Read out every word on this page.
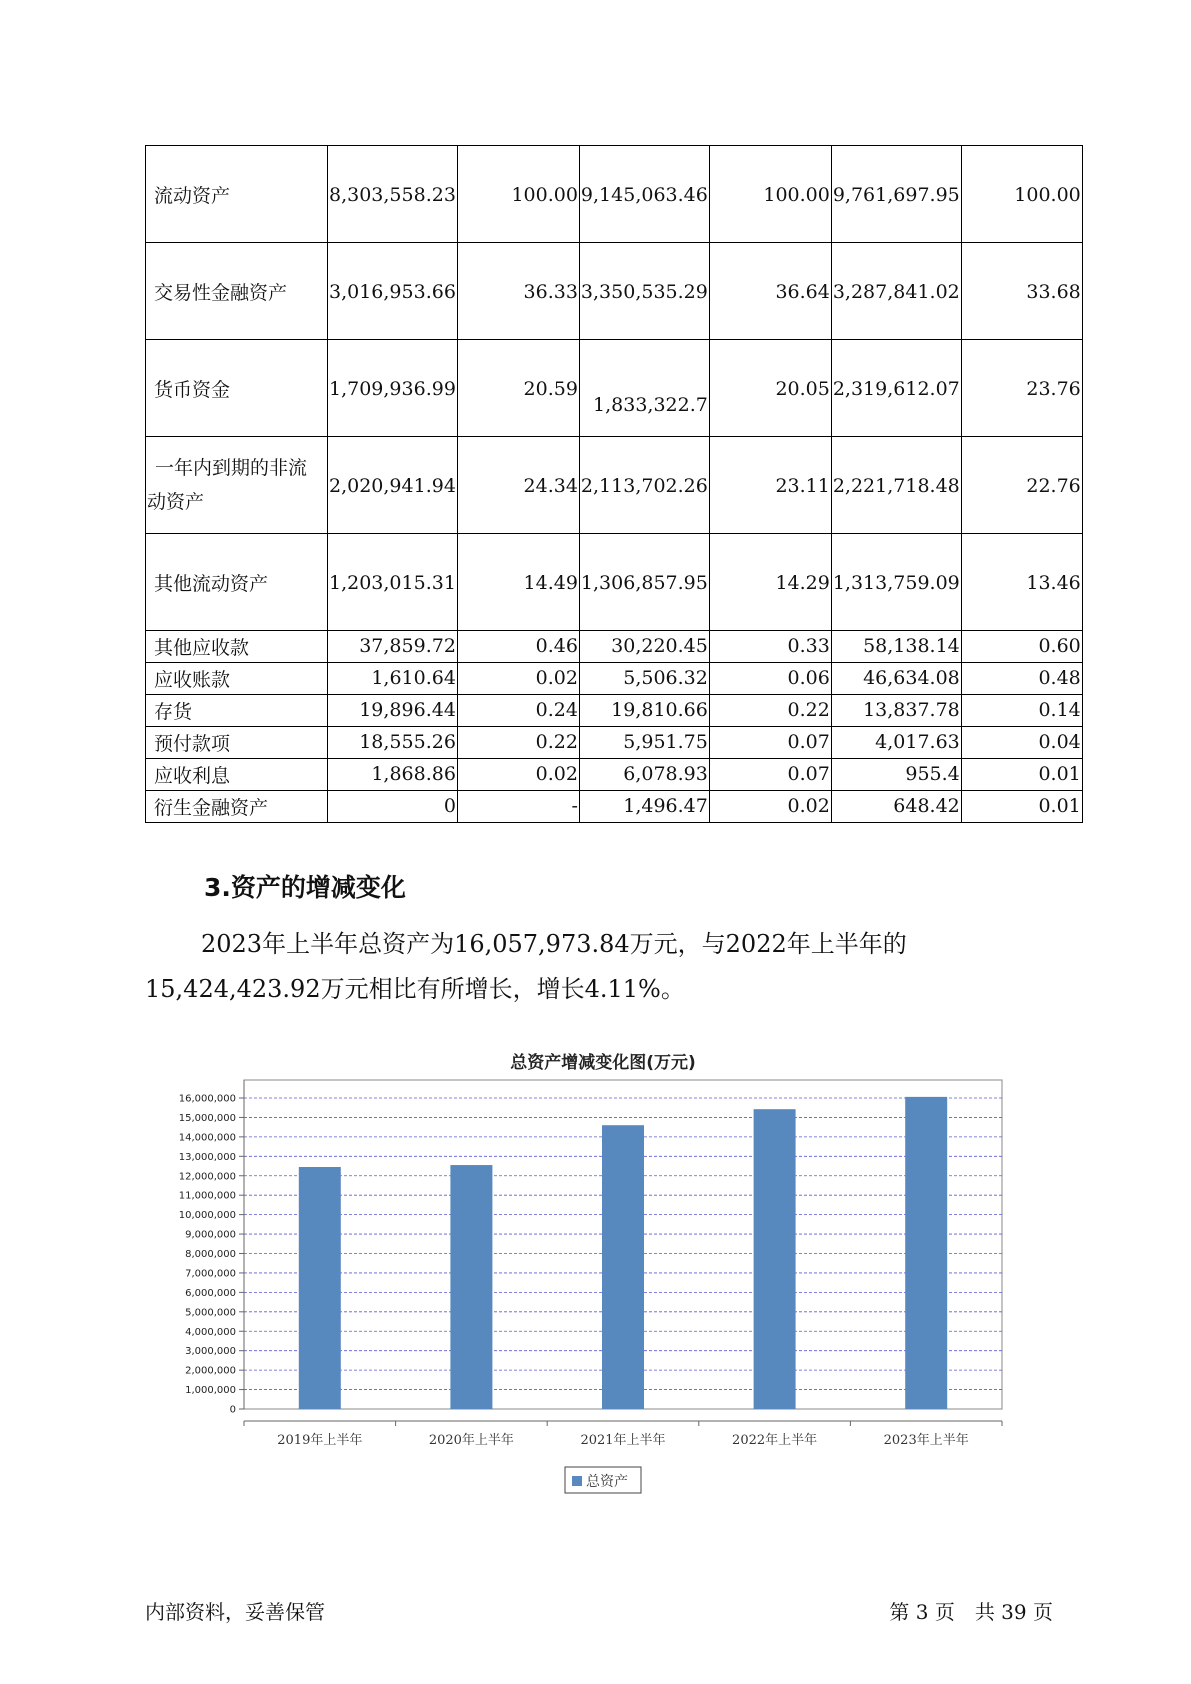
流动资产	8,303,558.23	100.00	9,145,063.46	100.00	9,761,697.95	100.00

交易性金融资产	3,016,953.66	36.33	3,350,535.29	36.64	3,287,841.02	33.68

货币资金	1,709,936.99	20.59	1,833,322.7	20.05	2,319,612.07	23.76

一年内到期的非流
动资产	2,020,941.94	24.34	2,113,702.26	23.11	2,221,718.48	22.76

其他流动资产	1,203,015.31	14.49	1,306,857.95	14.29	1,313,759.09	13.46

其他应收款	37,859.72	0.46	30,220.45	0.33	58,138.14	0.60
应收账款	1,610.64	0.02	5,506.32	0.06	46,634.08	0.48
存货	19,896.44	0.24	19,810.66	0.22	13,837.78	0.14
预付款项	18,555.26	0.22	5,951.75	0.07	4,017.63	0.04
应收利息	1,868.86	0.02	6,078.93	0.07	955.4	0.01
衍生金融资产	0	-	1,496.47	0.02	648.42	0.01
3.资产的增减变化

2023年上半年总资产为16,057,973.84万元，与2022年上半年的15,424,423.92万元相比有所增长，增长4.11%。

总资产增减变化图(万元)
0
1,000,000
2,000,000
3,000,000
4,000,000
5,000,000
6,000,000
7,000,000
8,000,000
9,000,000
10,000,000
11,000,000
12,000,000
13,000,000
14,000,000
15,000,000
16,000,000
2019年上半年	2020年上半年	2021年上半年	2022年上半年	2023年上半年
总资产
内部资料，妥善保管	第 3 页　共 39 页
